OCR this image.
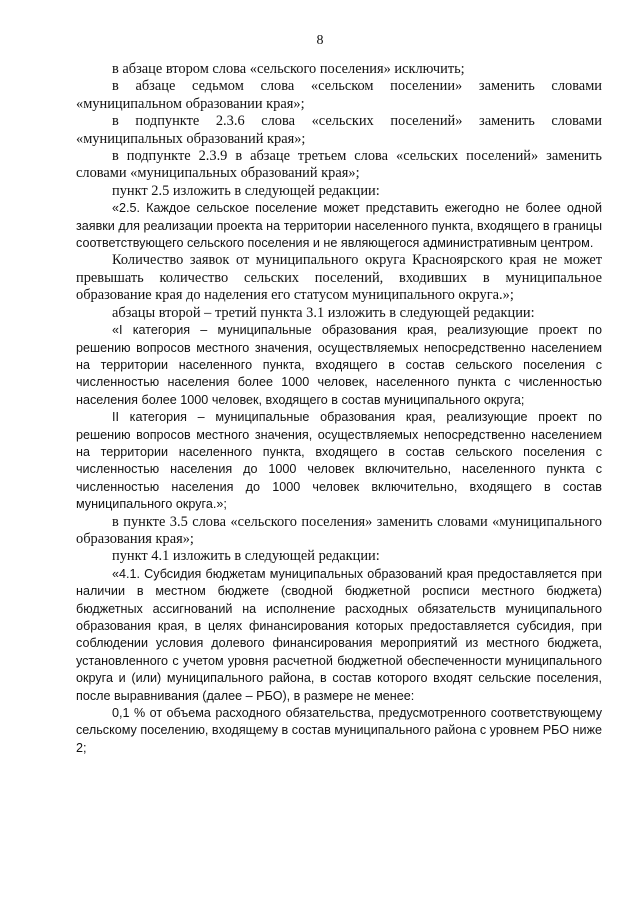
8

в абзаце втором слова «сельского поселения» исключить;

в абзаце седьмом слова «сельском поселении» заменить словами «муниципальном образовании края»;

в подпункте 2.3.6 слова «сельских поселений» заменить словами «муниципальных образований края»;

в подпункте 2.3.9 в абзаце третьем слова «сельских поселений» заменить словами «муниципальных образований края»;

пункт 2.5 изложить в следующей редакции:

«2.5. Каждое сельское поселение может представить ежегодно не более одной заявки для реализации проекта на территории населенного пункта, входящего в границы соответствующего сельского поселения и не являющегося административным центром.

Количество заявок от муниципального округа Красноярского края не может превышать количество сельских поселений, входивших в муниципальное образование края до наделения его статусом муниципального округа.»;

абзацы второй – третий пункта 3.1 изложить в следующей редакции:

«I категория – муниципальные образования края, реализующие проект по решению вопросов местного значения, осуществляемых непосредственно населением на территории населенного пункта, входящего в состав сельского поселения с численностью населения более 1000 человек, населенного пункта с численностью населения более 1000 человек, входящего в состав муниципального округа;

II категория – муниципальные образования края, реализующие проект по решению вопросов местного значения, осуществляемых непосредственно населением на территории населенного пункта, входящего в состав сельского поселения с численностью населения до 1000 человек включительно, населенного пункта с численностью населения до 1000 человек включительно, входящего в состав муниципального округа.»;

в пункте 3.5 слова «сельского поселения» заменить словами «муниципального образования края»;

пункт 4.1 изложить в следующей редакции:

«4.1. Субсидия бюджетам муниципальных образований края предоставляется при наличии в местном бюджете (сводной бюджетной росписи местного бюджета) бюджетных ассигнований на исполнение расходных обязательств муниципального образования края, в целях финансирования которых предоставляется субсидия, при соблюдении условия долевого финансирования мероприятий из местного бюджета, установленного с учетом уровня расчетной бюджетной обеспеченности муниципального округа и (или) муниципального района, в состав которого входят сельские поселения, после выравнивания (далее – РБО), в размере не менее:

0,1 % от объема расходного обязательства, предусмотренного соответствующему сельскому поселению, входящему в состав муниципального района с уровнем РБО ниже 2;
